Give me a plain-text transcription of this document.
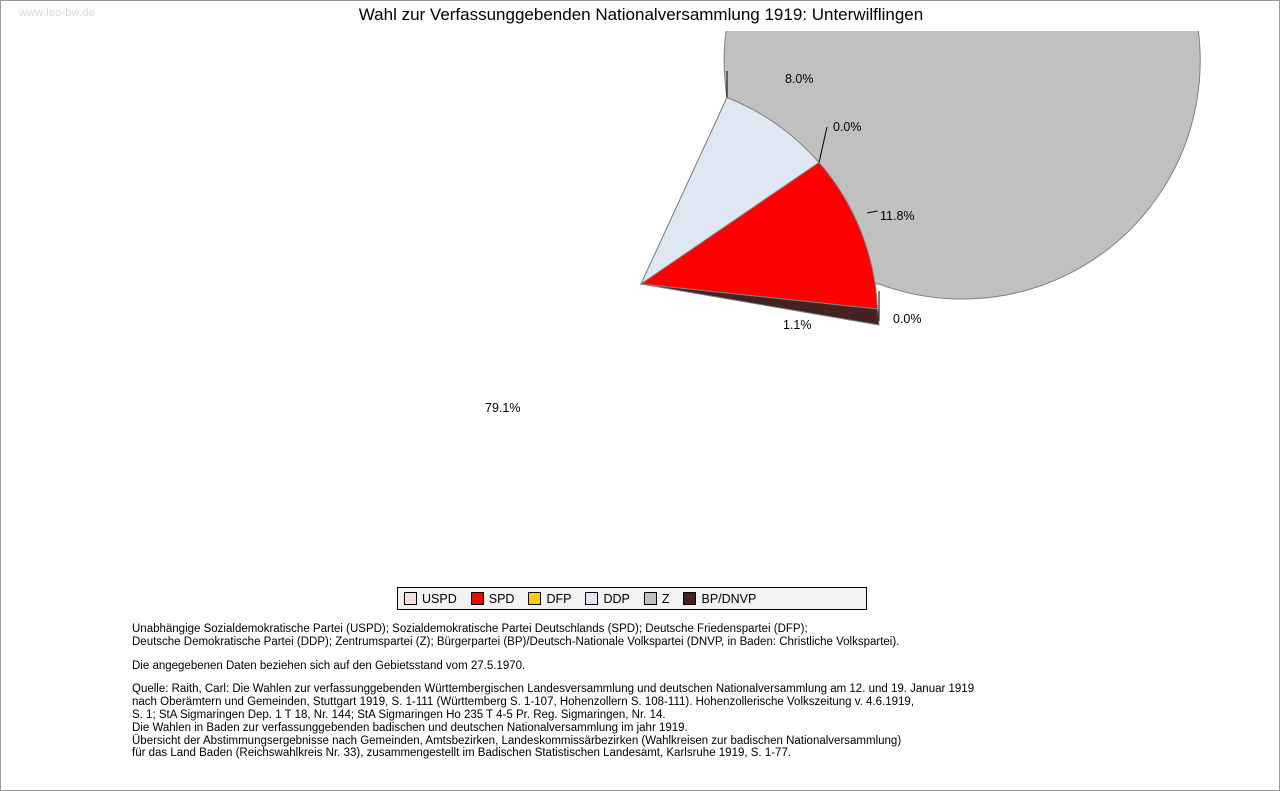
www.leo-bw.de	Wahl zur Verfassunggebenden Nationalversammlung 1919: Unterwilflingen
8.0%
0.0%
11.8%
0.0%
1.1%
79.1%
USPD	SPD	DFP	DDP	Z	BP/DNVP
Unabhängige Sozialdemokratische Partei (USPD); Sozialdemokratische Partei Deutschlands (SPD); Deutsche Friedenspartei (DFP);
Deutsche Demokratische Partei (DDP); Zentrumspartei (Z); Bürgerpartei (BP)/Deutsch-Nationale Volkspartei (DNVP, in Baden: Christliche Volkspartei).
Die angegebenen Daten beziehen sich auf den Gebietsstand vom 27.5.1970.
Quelle: Raith, Carl: Die Wahlen zur verfassunggebenden Württembergischen Landesversammlung und deutschen Nationalversammlung am 12. und 19. Januar 1919
nach Oberämtern und Gemeinden, Stuttgart 1919, S. 1-111 (Württemberg S. 1-107, Hohenzollern S. 108-111). Hohenzollerische Volkszeitung v. 4.6.1919,
S. 1; StA Sigmaringen Dep. 1 T 18, Nr. 144; StA Sigmaringen Ho 235 T 4-5 Pr. Reg. Sigmaringen, Nr. 14.
Die Wahlen in Baden zur verfassunggebenden badischen und deutschen Nationalversammlung im jahr 1919.
Übersicht der Abstimmungsergebnisse nach Gemeinden, Amtsbezirken, Landeskommissärbezirken (Wahlkreisen zur badischen Nationalversammlung)
für das Land Baden (Reichswahlkreis Nr. 33), zusammengestellt im Badischen Statistischen Landesamt, Karlsruhe 1919, S. 1-77.
